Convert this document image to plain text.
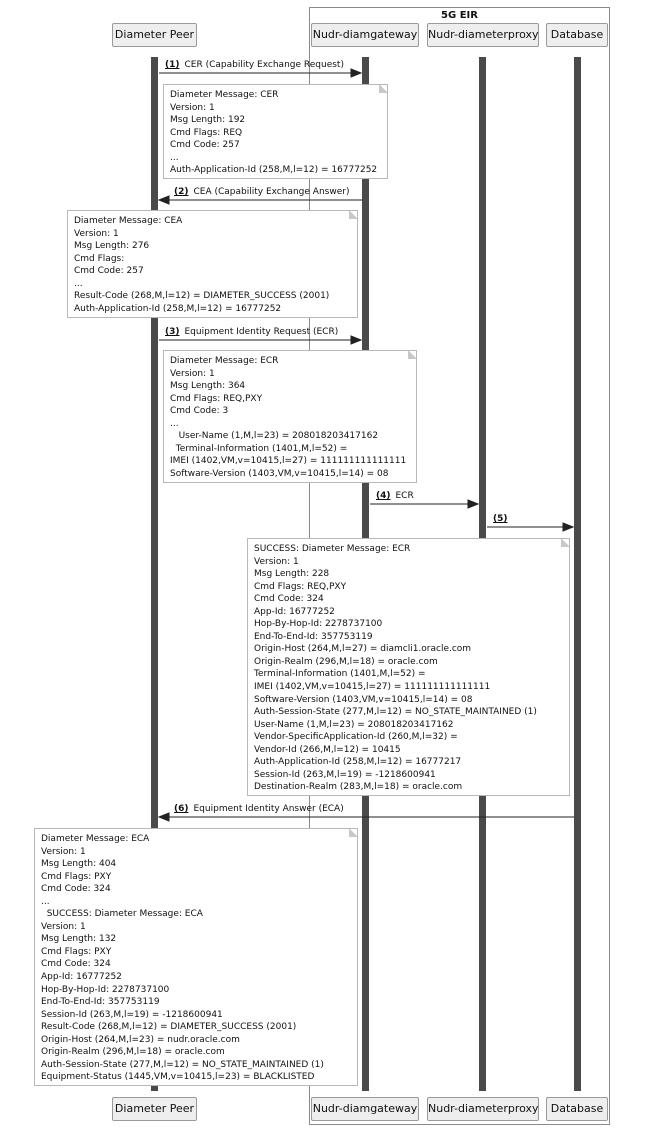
5G EIR
Diameter Peer	Nudr-diamgateway Nudr-diameterproxy	Database
Diameter Peer	Nudr-diamgateway Nudr-diameterproxy	Database
(1) CER (Capability Exchange Request)
(2) CEA (Capability Exchange Answer)
(3) Equipment Identity Request (ECR)
(4) ECR
(5)
(6) Equipment Identity Answer (ECA)
Diameter Message: CER
Version: 1
Msg Length: 192
Cmd Flags: REQ
Cmd Code: 257
...
Auth-Application-Id (258,M,l=12) = 16777252
Diameter Message: CEA
Version: 1
Msg Length: 276
Cmd Flags:
Cmd Code: 257
...
Result-Code (268,M,l=12) = DIAMETER_SUCCESS (2001)
Auth-Application-Id (258,M,l=12) = 16777252
Diameter Message: ECR
Version: 1
Msg Length: 364
Cmd Flags: REQ,PXY
Cmd Code: 3
...
User-Name (1,M,l=23) = 208018203417162
Terminal-Information (1401,M,l=52) =
IMEI (1402,VM,v=10415,l=27) = 111111111111111
Software-Version (1403,VM,v=10415,l=14) = 08
SUCCESS: Diameter Message: ECR
Version: 1
Msg Length: 228
Cmd Flags: REQ,PXY
Cmd Code: 324
App-Id: 16777252
Hop-By-Hop-Id: 2278737100
End-To-End-Id: 357753119
Origin-Host (264,M,l=27) = diamcli1.oracle.com
Origin-Realm (296,M,l=18) = oracle.com
Terminal-Information (1401,M,l=52) =
IMEI (1402,VM,v=10415,l=27) = 111111111111111
Software-Version (1403,VM,v=10415,l=14) = 08
Auth-Session-State (277,M,l=12) = NO_STATE_MAINTAINED (1)
User-Name (1,M,l=23) = 208018203417162
Vendor-SpecificApplication-Id (260,M,l=32) =
Vendor-Id (266,M,l=12) = 10415
Auth-Application-Id (258,M,l=12) = 16777217
Session-Id (263,M,l=19) = -1218600941
Destination-Realm (283,M,l=18) = oracle.com
Diameter Message: ECA
Version: 1
Msg Length: 404
Cmd Flags: PXY
Cmd Code: 324
...
SUCCESS: Diameter Message: ECA
Version: 1
Msg Length: 132
Cmd Flags: PXY
Cmd Code: 324
App-Id: 16777252
Hop-By-Hop-Id: 2278737100
End-To-End-Id: 357753119
Session-Id (263,M,l=19) = -1218600941
Result-Code (268,M,l=12) = DIAMETER_SUCCESS (2001)
Origin-Host (264,M,l=23) = nudr.oracle.com
Origin-Realm (296,M,l=18) = oracle.com
Auth-Session-State (277,M,l=12) = NO_STATE_MAINTAINED (1)
Equipment-Status (1445,VM,v=10415,l=23) = BLACKLISTED
